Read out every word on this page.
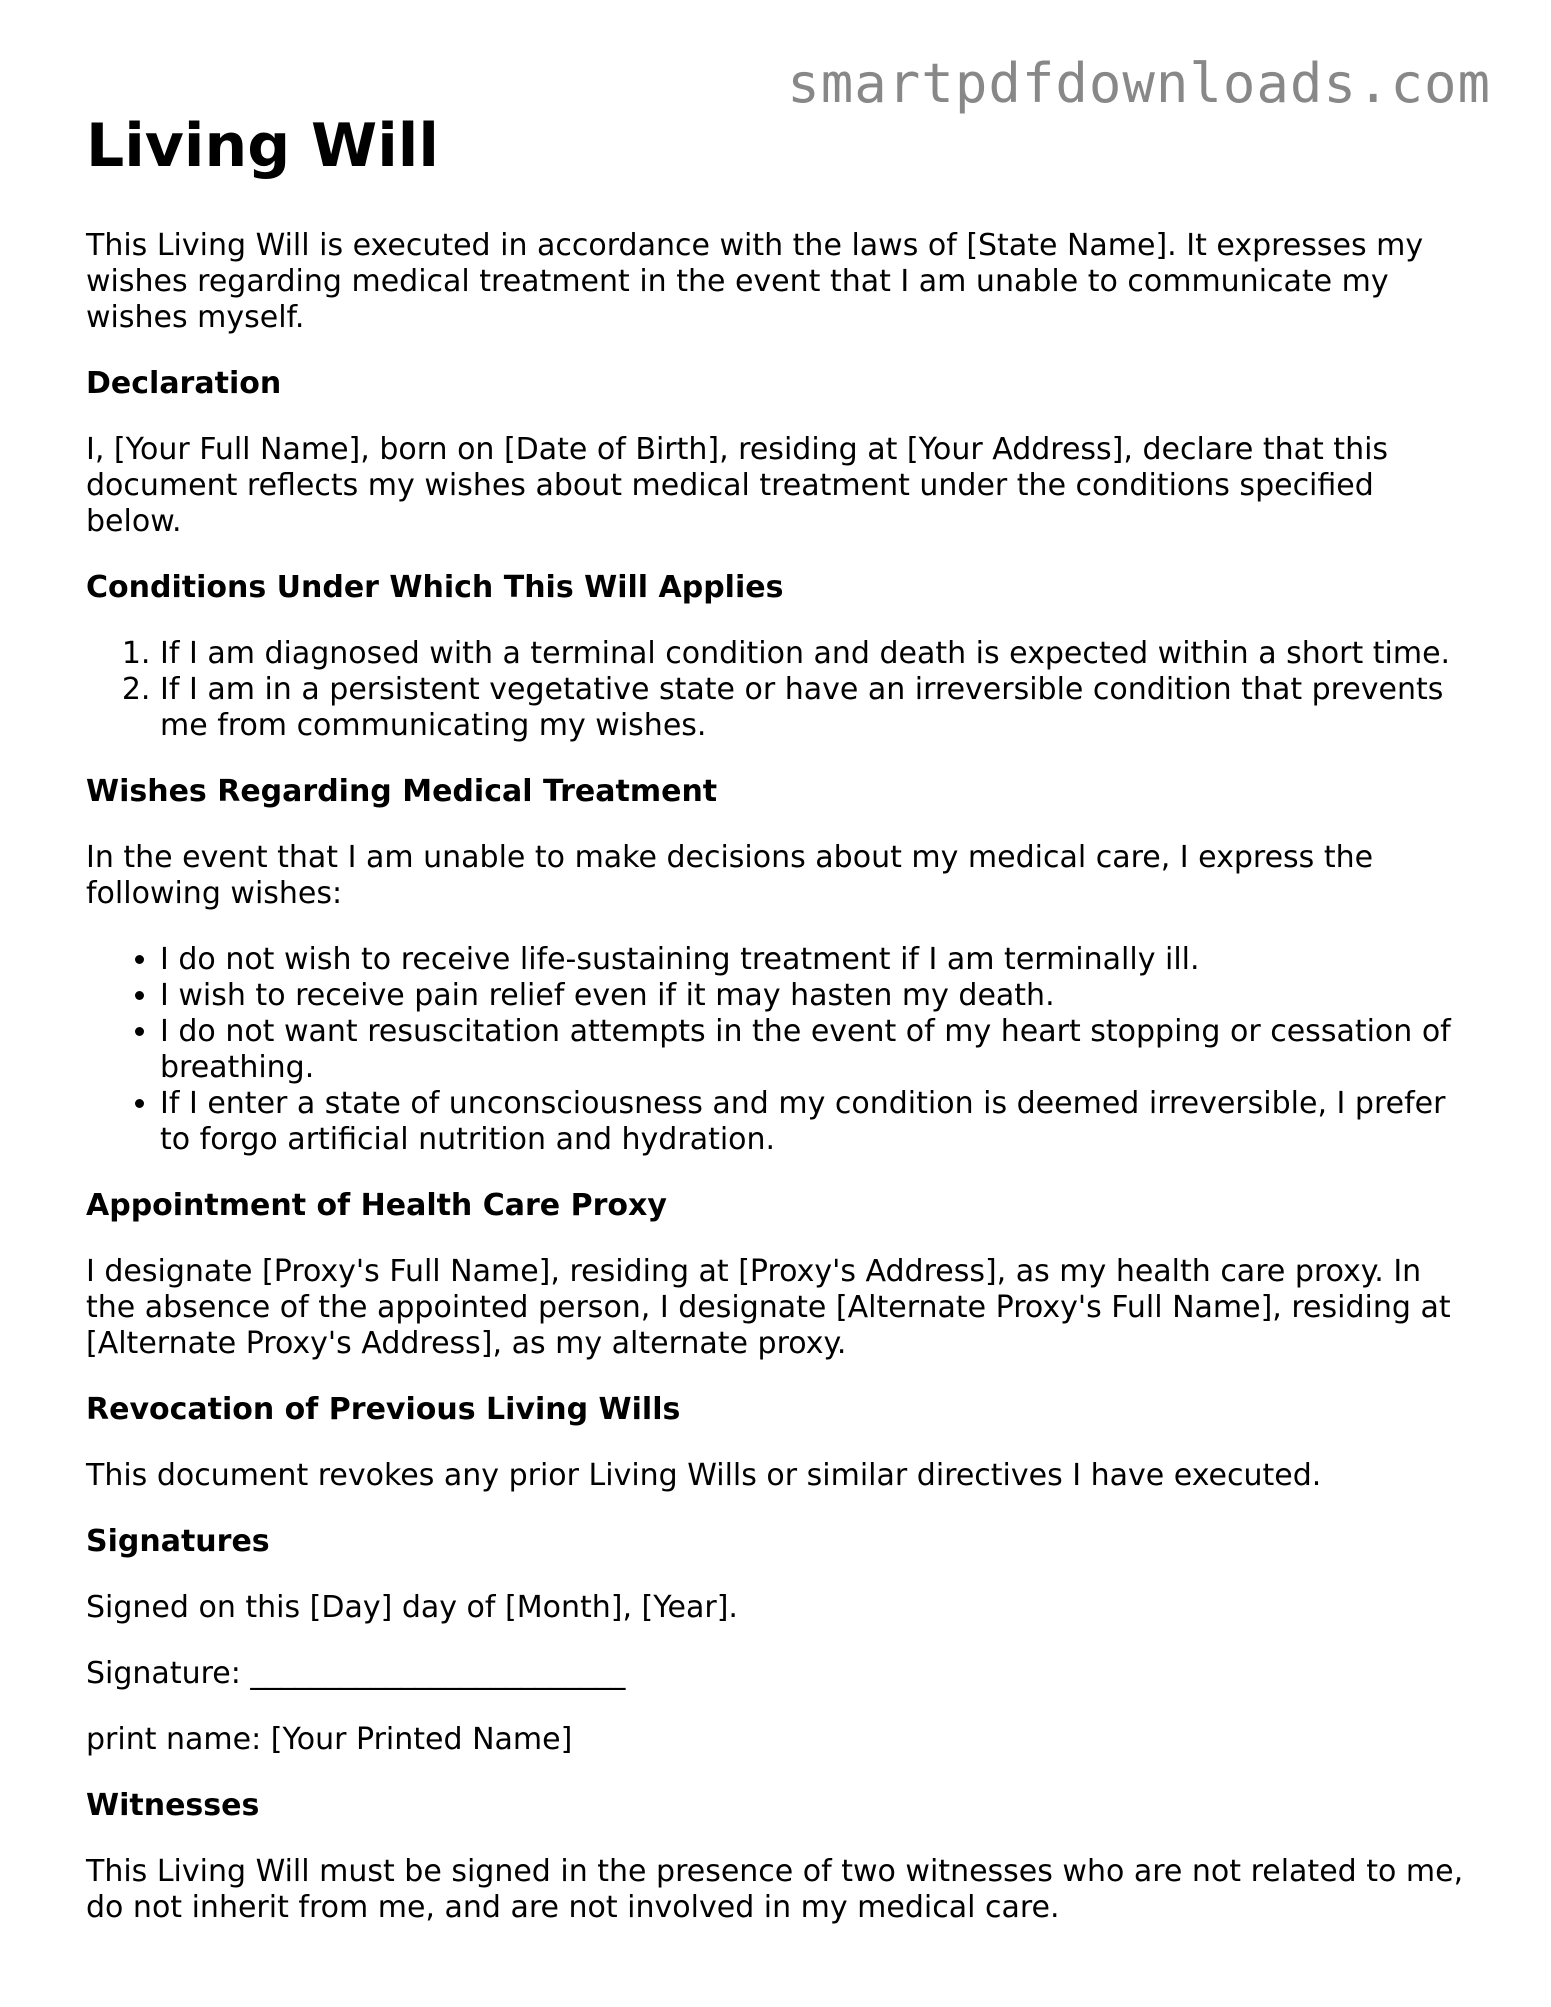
smartpdfdownloads.com
Living Will

This Living Will is executed in accordance with the laws of [State Name]. It expresses my wishes regarding medical treatment in the event that I am unable to communicate my wishes myself.

Declaration

I, [Your Full Name], born on [Date of Birth], residing at [Your Address], declare that this document reflects my wishes about medical treatment under the conditions specified below.

Conditions Under Which This Will Applies
1. If I am diagnosed with a terminal condition and death is expected within a short time.
2. If I am in a persistent vegetative state or have an irreversible condition that prevents me from communicating my wishes.
Wishes Regarding Medical Treatment

In the event that I am unable to make decisions about my medical care, I express the following wishes:

• I do not wish to receive life-sustaining treatment if I am terminally ill.
• I wish to receive pain relief even if it may hasten my death.
• I do not want resuscitation attempts in the event of my heart stopping or cessation of breathing.
• If I enter a state of unconsciousness and my condition is deemed irreversible, I prefer to forgo artificial nutrition and hydration.
Appointment of Health Care Proxy

I designate [Proxy's Full Name], residing at [Proxy's Address], as my health care proxy. In the absence of the appointed person, I designate [Alternate Proxy's Full Name], residing at [Alternate Proxy's Address], as my alternate proxy.

Revocation of Previous Living Wills

This document revokes any prior Living Wills or similar directives I have executed.

Signatures

Signed on this [Day] day of [Month], [Year].

Signature: _________________________

print name: [Your Printed Name]

Witnesses

This Living Will must be signed in the presence of two witnesses who are not related to me, do not inherit from me, and are not involved in my medical care.
